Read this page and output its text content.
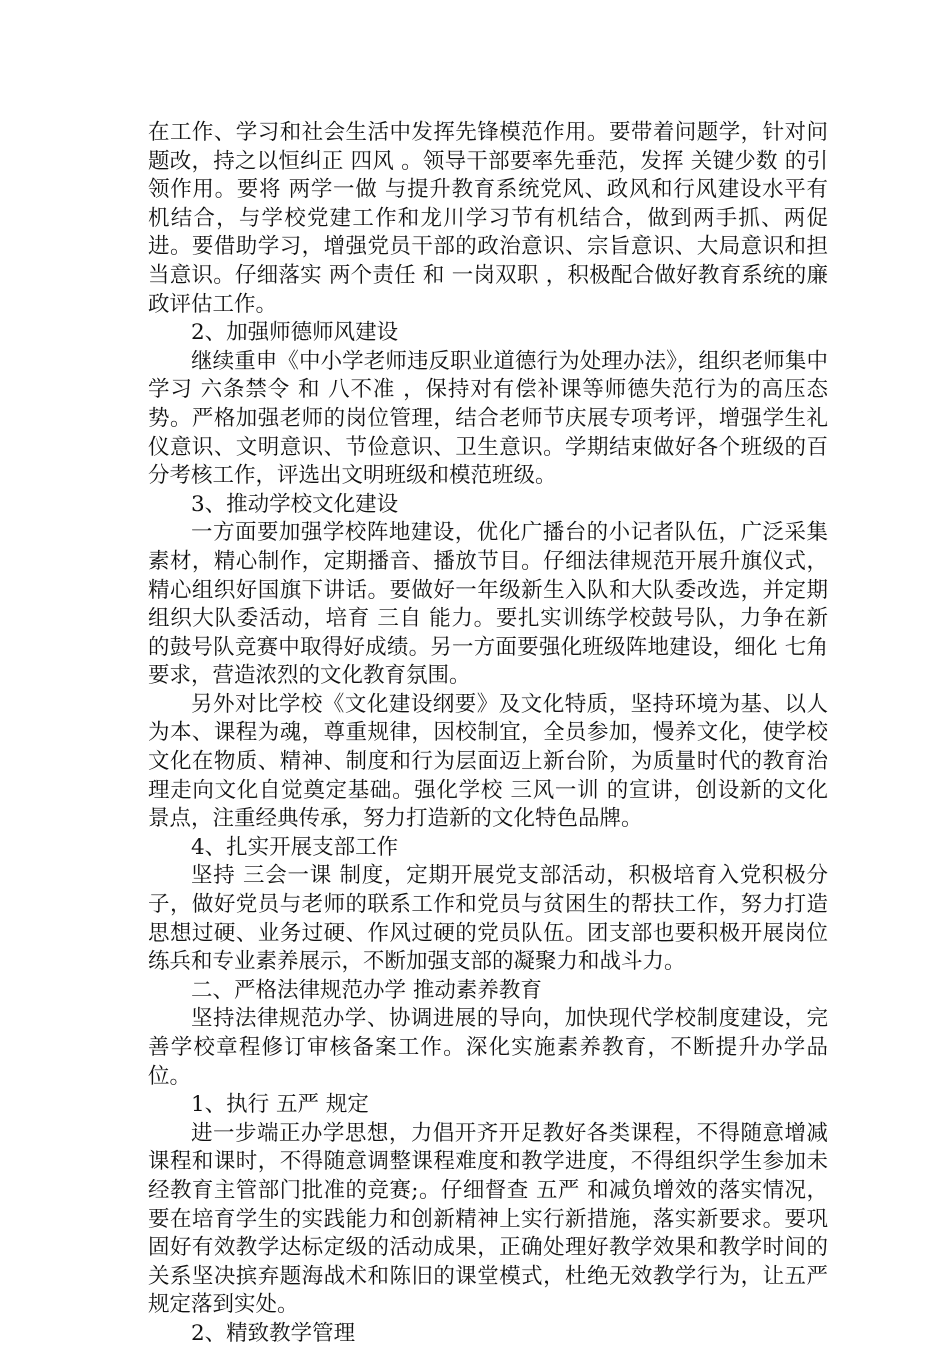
在工作、学习和社会生活中发挥先锋模范作用。要带着问题学，针对问题改，持之以恒纠正 四风 。领导干部要率先垂范，发挥 关键少数 的引领作用。要将 两学一做 与提升教育系统党风、政风和行风建设水平有机结合，与学校党建工作和龙川学习节有机结合，做到两手抓、两促进。要借助学习，增强党员干部的政治意识、宗旨意识、大局意识和担当意识。仔细落实 两个责任 和 一岗双职 ，积极配合做好教育系统的廉政评估工作。

2、加强师德师风建设

继续重申《中小学老师违反职业道德行为处理办法》，组织老师集中学习 六条禁令 和 八不准 ，保持对有偿补课等师德失范行为的高压态势。严格加强老师的岗位管理，结合老师节庆展专项考评，增强学生礼仪意识、文明意识、节俭意识、卫生意识。学期结束做好各个班级的百分考核工作，评选出文明班级和模范班级。

3、推动学校文化建设

一方面要加强学校阵地建设，优化广播台的小记者队伍，广泛采集素材，精心制作，定期播音、播放节目。仔细法律规范开展升旗仪式，精心组织好国旗下讲话。要做好一年级新生入队和大队委改选，并定期组织大队委活动，培育 三自 能力。要扎实训练学校鼓号队，力争在新的鼓号队竞赛中取得好成绩。另一方面要强化班级阵地建设，细化 七角 要求，营造浓烈的文化教育氛围。

另外对比学校《文化建设纲要》及文化特质，坚持环境为基、以人为本、课程为魂，尊重规律，因校制宜，全员参加，慢养文化，使学校文化在物质、精神、制度和行为层面迈上新台阶，为质量时代的教育治理走向文化自觉奠定基础。强化学校 三风一训 的宣讲，创设新的文化景点，注重经典传承，努力打造新的文化特色品牌。

4、扎实开展支部工作

坚持 三会一课 制度，定期开展党支部活动，积极培育入党积极分子，做好党员与老师的联系工作和党员与贫困生的帮扶工作，努力打造思想过硬、业务过硬、作风过硬的党员队伍。团支部也要积极开展岗位练兵和专业素养展示，不断加强支部的凝聚力和战斗力。

二、严格法律规范办学 推动素养教育

坚持法律规范办学、协调进展的导向，加快现代学校制度建设，完善学校章程修订审核备案工作。深化实施素养教育，不断提升办学品位。

1、执行 五严 规定

进一步端正办学思想，力倡开齐开足教好各类课程，不得随意增减课程和课时，不得随意调整课程难度和教学进度，不得组织学生参加未经教育主管部门批准的竞赛;。仔细督查 五严 和减负增效的落实情况，要在培育学生的实践能力和创新精神上实行新措施，落实新要求。要巩固好有效教学达标定级的活动成果，正确处理好教学效果和教学时间的关系坚决摈弃题海战术和陈旧的课堂模式，杜绝无效教学行为，让五严规定落到实处。

2、精致教学管理
